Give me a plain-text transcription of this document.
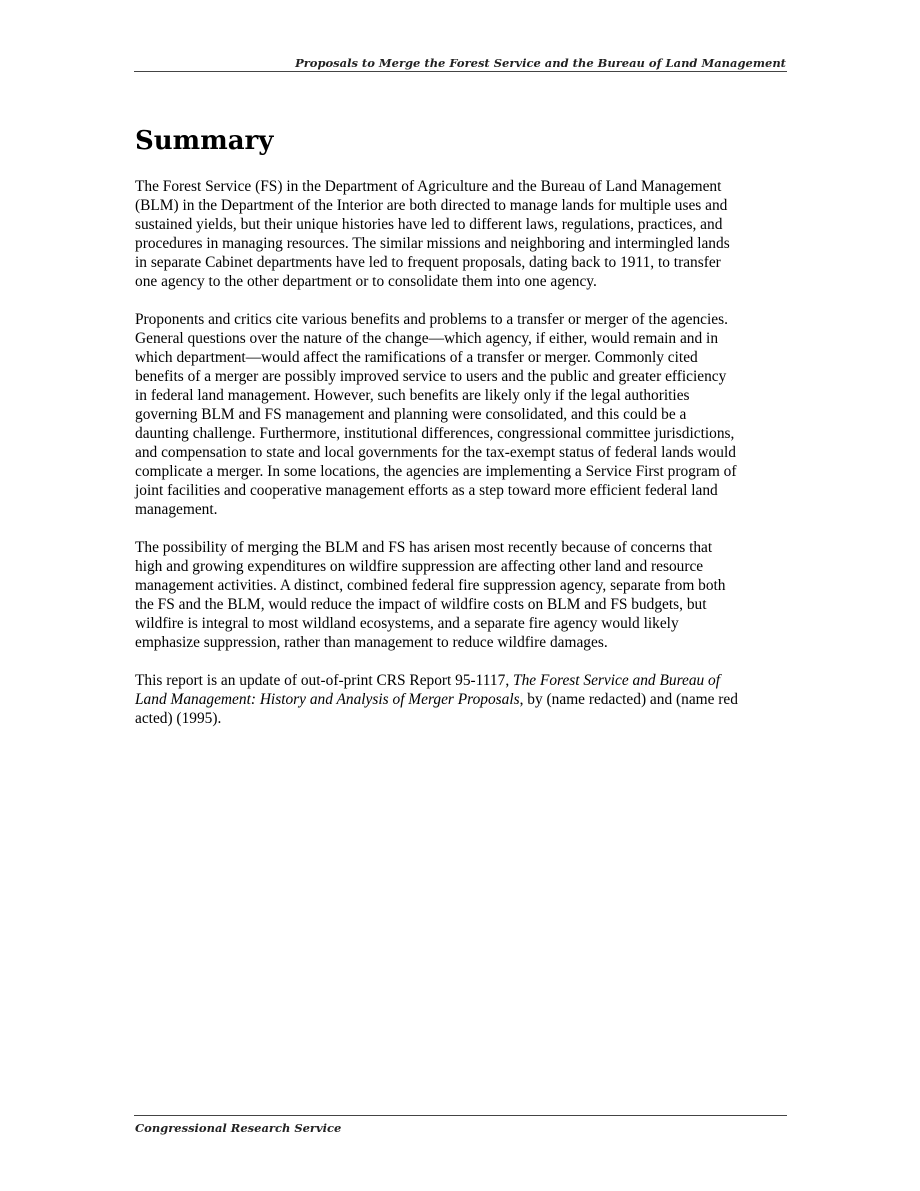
Proposals to Merge the Forest Service and the Bureau of Land Management
Summary

The Forest Service (FS) in the Department of Agriculture and the Bureau of Land Management
(BLM) in the Department of the Interior are both directed to manage lands for multiple uses and
sustained yields, but their unique histories have led to different laws, regulations, practices, and
procedures in managing resources. The similar missions and neighboring and intermingled lands
in separate Cabinet departments have led to frequent proposals, dating back to 1911, to transfer
one agency to the other department or to consolidate them into one agency.

Proponents and critics cite various benefits and problems to a transfer or merger of the agencies.
General questions over the nature of the change—which agency, if either, would remain and in
which department—would affect the ramifications of a transfer or merger. Commonly cited
benefits of a merger are possibly improved service to users and the public and greater efficiency
in federal land management. However, such benefits are likely only if the legal authorities
governing BLM and FS management and planning were consolidated, and this could be a
daunting challenge. Furthermore, institutional differences, congressional committee jurisdictions,
and compensation to state and local governments for the tax-exempt status of federal lands would
complicate a merger. In some locations, the agencies are implementing a Service First program of
joint facilities and cooperative management efforts as a step toward more efficient federal land
management.

The possibility of merging the BLM and FS has arisen most recently because of concerns that
high and growing expenditures on wildfire suppression are affecting other land and resource
management activities. A distinct, combined federal fire suppression agency, separate from both
the FS and the BLM, would reduce the impact of wildfire costs on BLM and FS budgets, but
wildfire is integral to most wildland ecosystems, and a separate fire agency would likely
emphasize suppression, rather than management to reduce wildfire damages.

This report is an update of out-of-print CRS Report 95-1117, The Forest Service and Bureau of
Land Management: History and Analysis of Merger Proposals, by (name redacted) and (name red
acted) (1995).

Congressional Research Service
